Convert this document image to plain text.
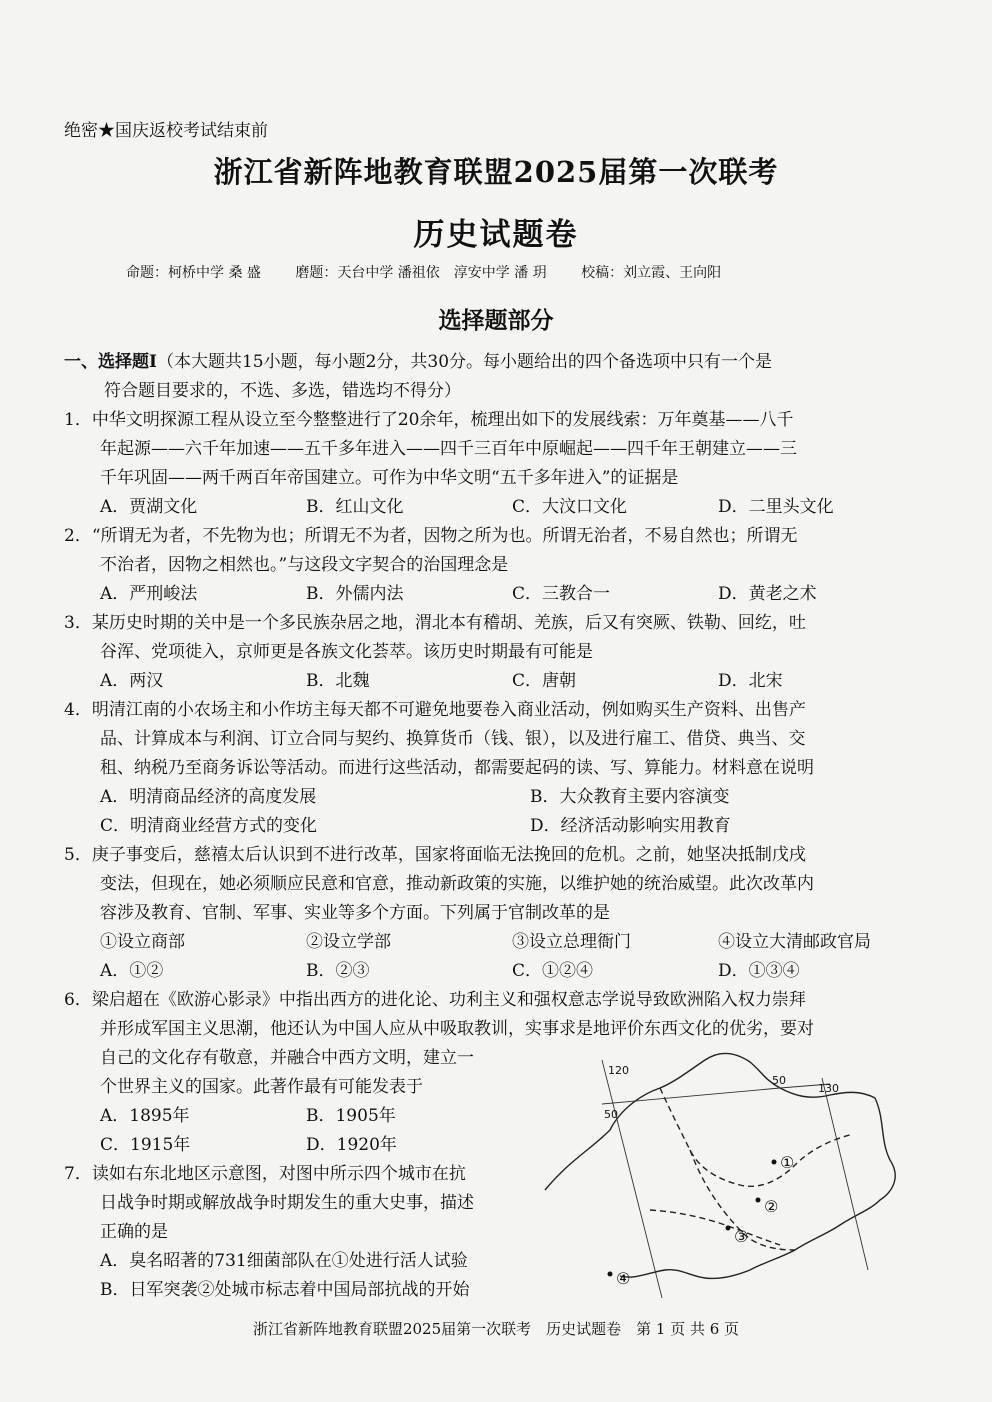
绝密★国庆返校考试结束前
浙江省新阵地教育联盟2025届第一次联考
历史试题卷
命题：柯桥中学 桑 盛 磨题：天台中学 潘祖依　淳安中学 潘 玥 校稿：刘立霞、王向阳
选择题部分

一、选择题Ⅰ（本大题共15小题，每小题2分，共30分。每小题给出的四个备选项中只有一个是

符合题目要求的，不选、多选，错选均不得分）

1．中华文明探源工程从设立至今整整进行了20余年，梳理出如下的发展线索：万年奠基——八千

年起源——六千年加速——五千多年进入——四千三百年中原崛起——四千年王朝建立——三

千年巩固——两千两百年帝国建立。可作为中华文明“五千多年进入”的证据是

A．贾湖文化	B．红山文化	C．大汶口文化	D．二里头文化

2．“所谓无为者，不先物为也；所谓无不为者，因物之所为也。所谓无治者，不易自然也；所谓无

不治者，因物之相然也。”与这段文字契合的治国理念是

A．严刑峻法	B．外儒内法	C．三教合一	D．黄老之术

3．某历史时期的关中是一个多民族杂居之地，渭北本有稽胡、羌族，后又有突厥、铁勒、回纥，吐

谷浑、党项徙入，京师更是各族文化荟萃。该历史时期最有可能是

A．两汉	B．北魏	C．唐朝	D．北宋

4．明清江南的小农场主和小作坊主每天都不可避免地要卷入商业活动，例如购买生产资料、出售产

品、计算成本与利润、订立合同与契约、换算货币（钱、银），以及进行雇工、借贷、典当、交

租、纳税乃至商务诉讼等活动。而进行这些活动，都需要起码的读、写、算能力。材料意在说明

A．明清商品经济的高度发展	B．大众教育主要内容演变
C．明清商业经营方式的变化	D．经济活动影响实用教育

5．庚子事变后，慈禧太后认识到不进行改革，国家将面临无法挽回的危机。之前，她坚决抵制戊戌

变法，但现在，她必须顺应民意和官意，推动新政策的实施，以维护她的统治威望。此次改革内

容涉及教育、官制、军事、实业等多个方面。下列属于官制改革的是

①设立商部	②设立学部	③设立总理衙门	④设立大清邮政官局
A．①②	B．②③	C．①②④	D．①③④

6．梁启超在《欧游心影录》中指出西方的进化论、功利主义和强权意志学说导致欧洲陷入权力崇拜

并形成军国主义思潮，他还认为中国人应从中吸取教训，实事求是地评价东西文化的优劣，要对

自己的文化存有敬意，并融合中西方文明，建立一

个世界主义的国家。此著作最有可能发表于

A．1895年	B．1905年
C．1915年	D．1920年

7．读如右东北地区示意图，对图中所示四个城市在抗

日战争时期或解放战争时期发生的重大史事，描述

正确的是

A．臭名昭著的731细菌部队在①处进行活人试验

B．日军突袭②处城市标志着中国局部抗战的开始

120
50
130
50
①
②
③
④
浙江省新阵地教育联盟2025届第一次联考　历史试题卷　第 1 页 共 6 页
